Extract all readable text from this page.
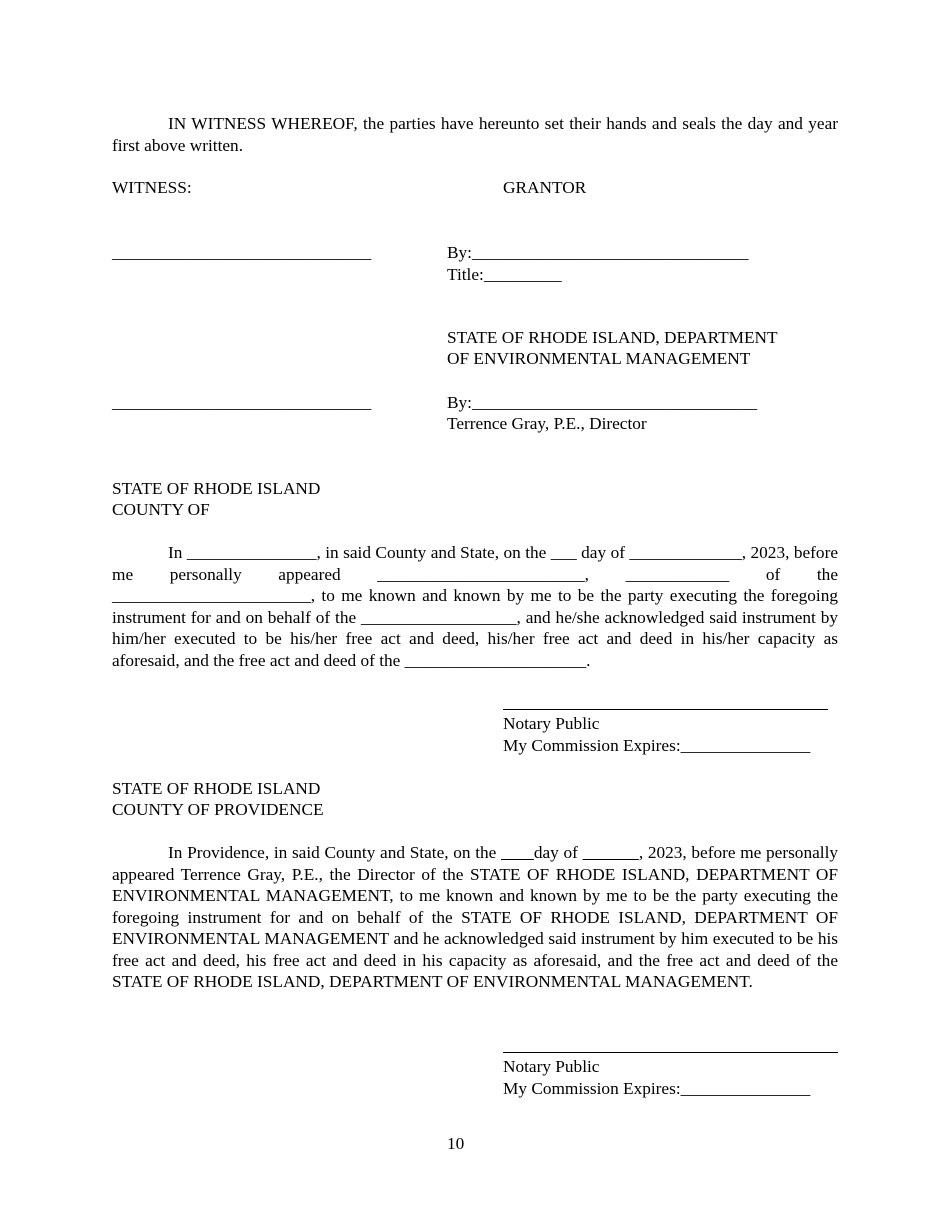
IN WITNESS WHEREOF, the parties have hereunto set their hands and seals the day and year first above written.
WITNESS:	GRANTOR
______________________________	By:________________________________
Title:_________
STATE OF RHODE ISLAND, DEPARTMENT
OF ENVIRONMENTAL MANAGEMENT
______________________________	By:_________________________________
Terrence Gray, P.E., Director
STATE OF RHODE ISLAND
COUNTY OF
In _______________, in said County and State, on the ___ day of _____________, 2023, before me personally appeared ________________________, ____________ of the _______________________, to me known and known by me to be the party executing the foregoing instrument for and on behalf of the __________________, and he/she acknowledged said instrument by him/her executed to be his/her free act and deed, his/her free act and deed in his/her capacity as aforesaid, and the free act and deed of the _____________________.
Notary Public
My Commission Expires:_______________
STATE OF RHODE ISLAND
COUNTY OF PROVIDENCE
In Providence, in said County and State, on the        day of	, 2023, before me personally appeared Terrence Gray, P.E., the Director of the STATE OF RHODE ISLAND, DEPARTMENT OF ENVIRONMENTAL MANAGEMENT, to me known and known by me to be the party executing the foregoing instrument for and on behalf of the STATE OF RHODE ISLAND, DEPARTMENT OF ENVIRONMENTAL MANAGEMENT and he acknowledged said instrument by him executed to be his free act and deed, his free act and deed in his capacity as aforesaid, and the free act and deed of the STATE OF RHODE ISLAND, DEPARTMENT OF ENVIRONMENTAL MANAGEMENT.
Notary Public
My Commission Expires:_______________
10
